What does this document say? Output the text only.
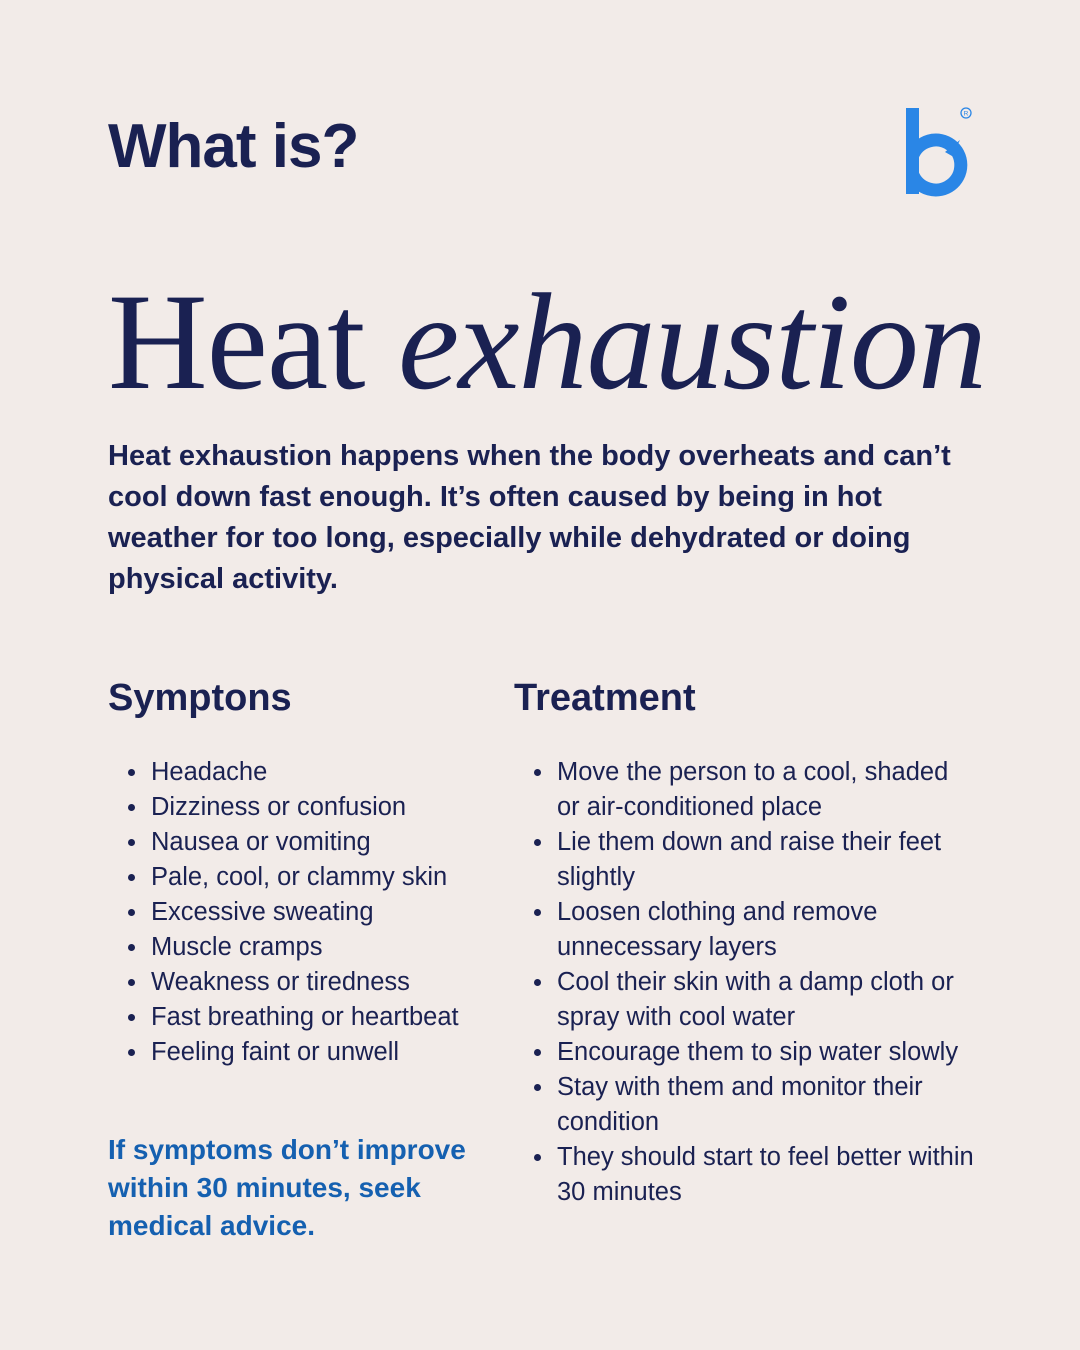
What is?	R
Heat exhaustion

Heat exhaustion happens when the body overheats and can’t cool down fast enough. It’s often caused by being in hot weather for too long, especially while dehydrated or doing physical activity.

Symptons	Treatment
Headache
Dizziness or confusion
Nausea or vomiting
Pale, cool, or clammy skin
Excessive sweating
Muscle cramps
Weakness or tiredness
Fast breathing or heartbeat
Feeling faint or unwell

If symptoms don’t improve within 30 minutes, seek medical advice.

Move the person to a cool, shaded or air-conditioned place
Lie them down and raise their feet slightly
Loosen clothing and remove unnecessary layers
Cool their skin with a damp cloth or spray with cool water
Encourage them to sip water slowly
Stay with them and monitor their condition
They should start to feel better within 30 minutes
